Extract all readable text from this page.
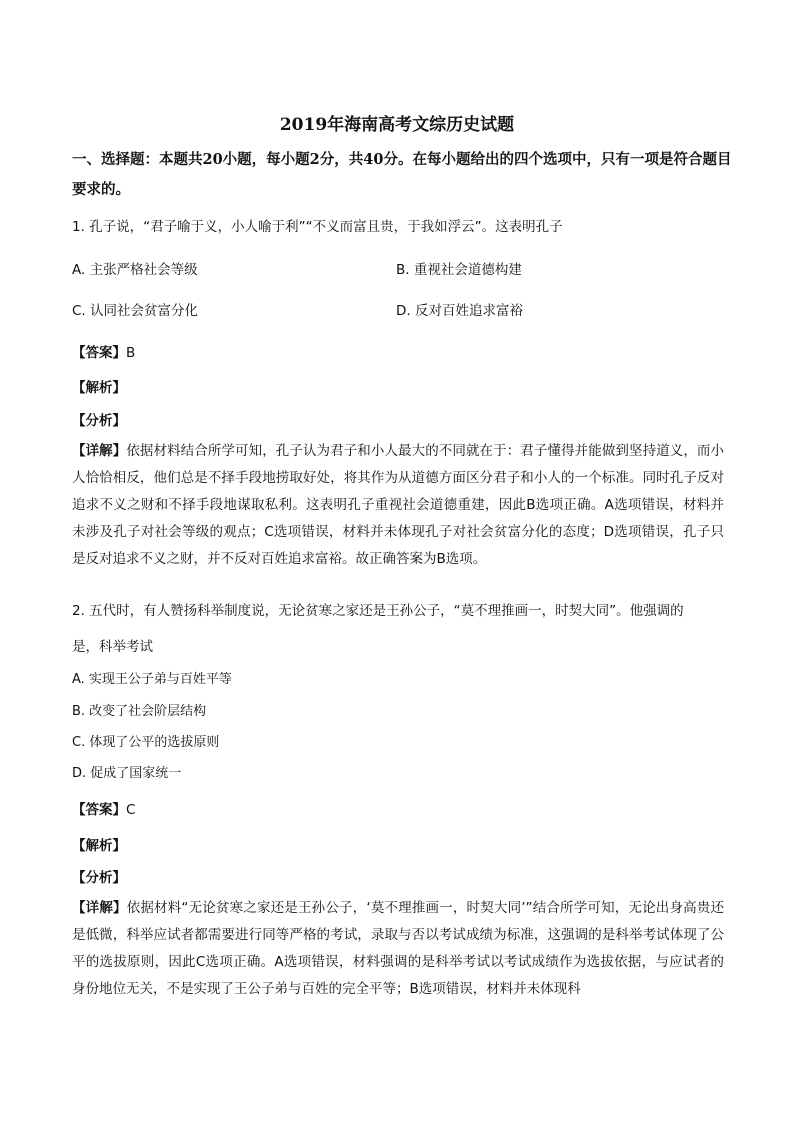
2019年海南高考文综历史试题
一、选择题：本题共20小题，每小题2分，共40分。在每小题给出的四个选项中，只有一项是符合题目要求的。
1. 孔子说，“君子喻于义，小人喻于利”“不义而富且贵，于我如浮云”。这表明孔子
A. 主张严格社会等级	B. 重视社会道德构建
C. 认同社会贫富分化	D. 反对百姓追求富裕
【答案】B
【解析】
【分析】
【详解】依据材料结合所学可知，孔子认为君子和小人最大的不同就在于：君子懂得并能做到坚持道义，而小人恰恰相反，他们总是不择手段地捞取好处，将其作为从道德方面区分君子和小人的一个标准。同时孔子反对追求不义之财和不择手段地谋取私利。这表明孔子重视社会道德重建，因此B选项正确。A选项错误，材料并未涉及孔子对社会等级的观点；C选项错误，材料并未体现孔子对社会贫富分化的态度；D选项错误，孔子只是反对追求不义之财，并不反对百姓追求富裕。故正确答案为B选项。
2. 五代时，有人赞扬科举制度说，无论贫寒之家还是王孙公子，“莫不理推画一，时契大同”。他强调的
是，科举考试
A. 实现王公子弟与百姓平等
B. 改变了社会阶层结构
C. 体现了公平的选拔原则
D. 促成了国家统一
【答案】C
【解析】
【分析】
【详解】依据材料“无论贫寒之家还是王孙公子，‘莫不理推画一，时契大同’”结合所学可知，无论出身高贵还是低微，科举应试者都需要进行同等严格的考试，录取与否以考试成绩为标准，这强调的是科举考试体现了公平的选拔原则，因此C选项正确。A选项错误，材料强调的是科举考试以考试成绩作为选拔依据，与应试者的身份地位无关，不是实现了王公子弟与百姓的完全平等；B选项错误，材料并未体现科
